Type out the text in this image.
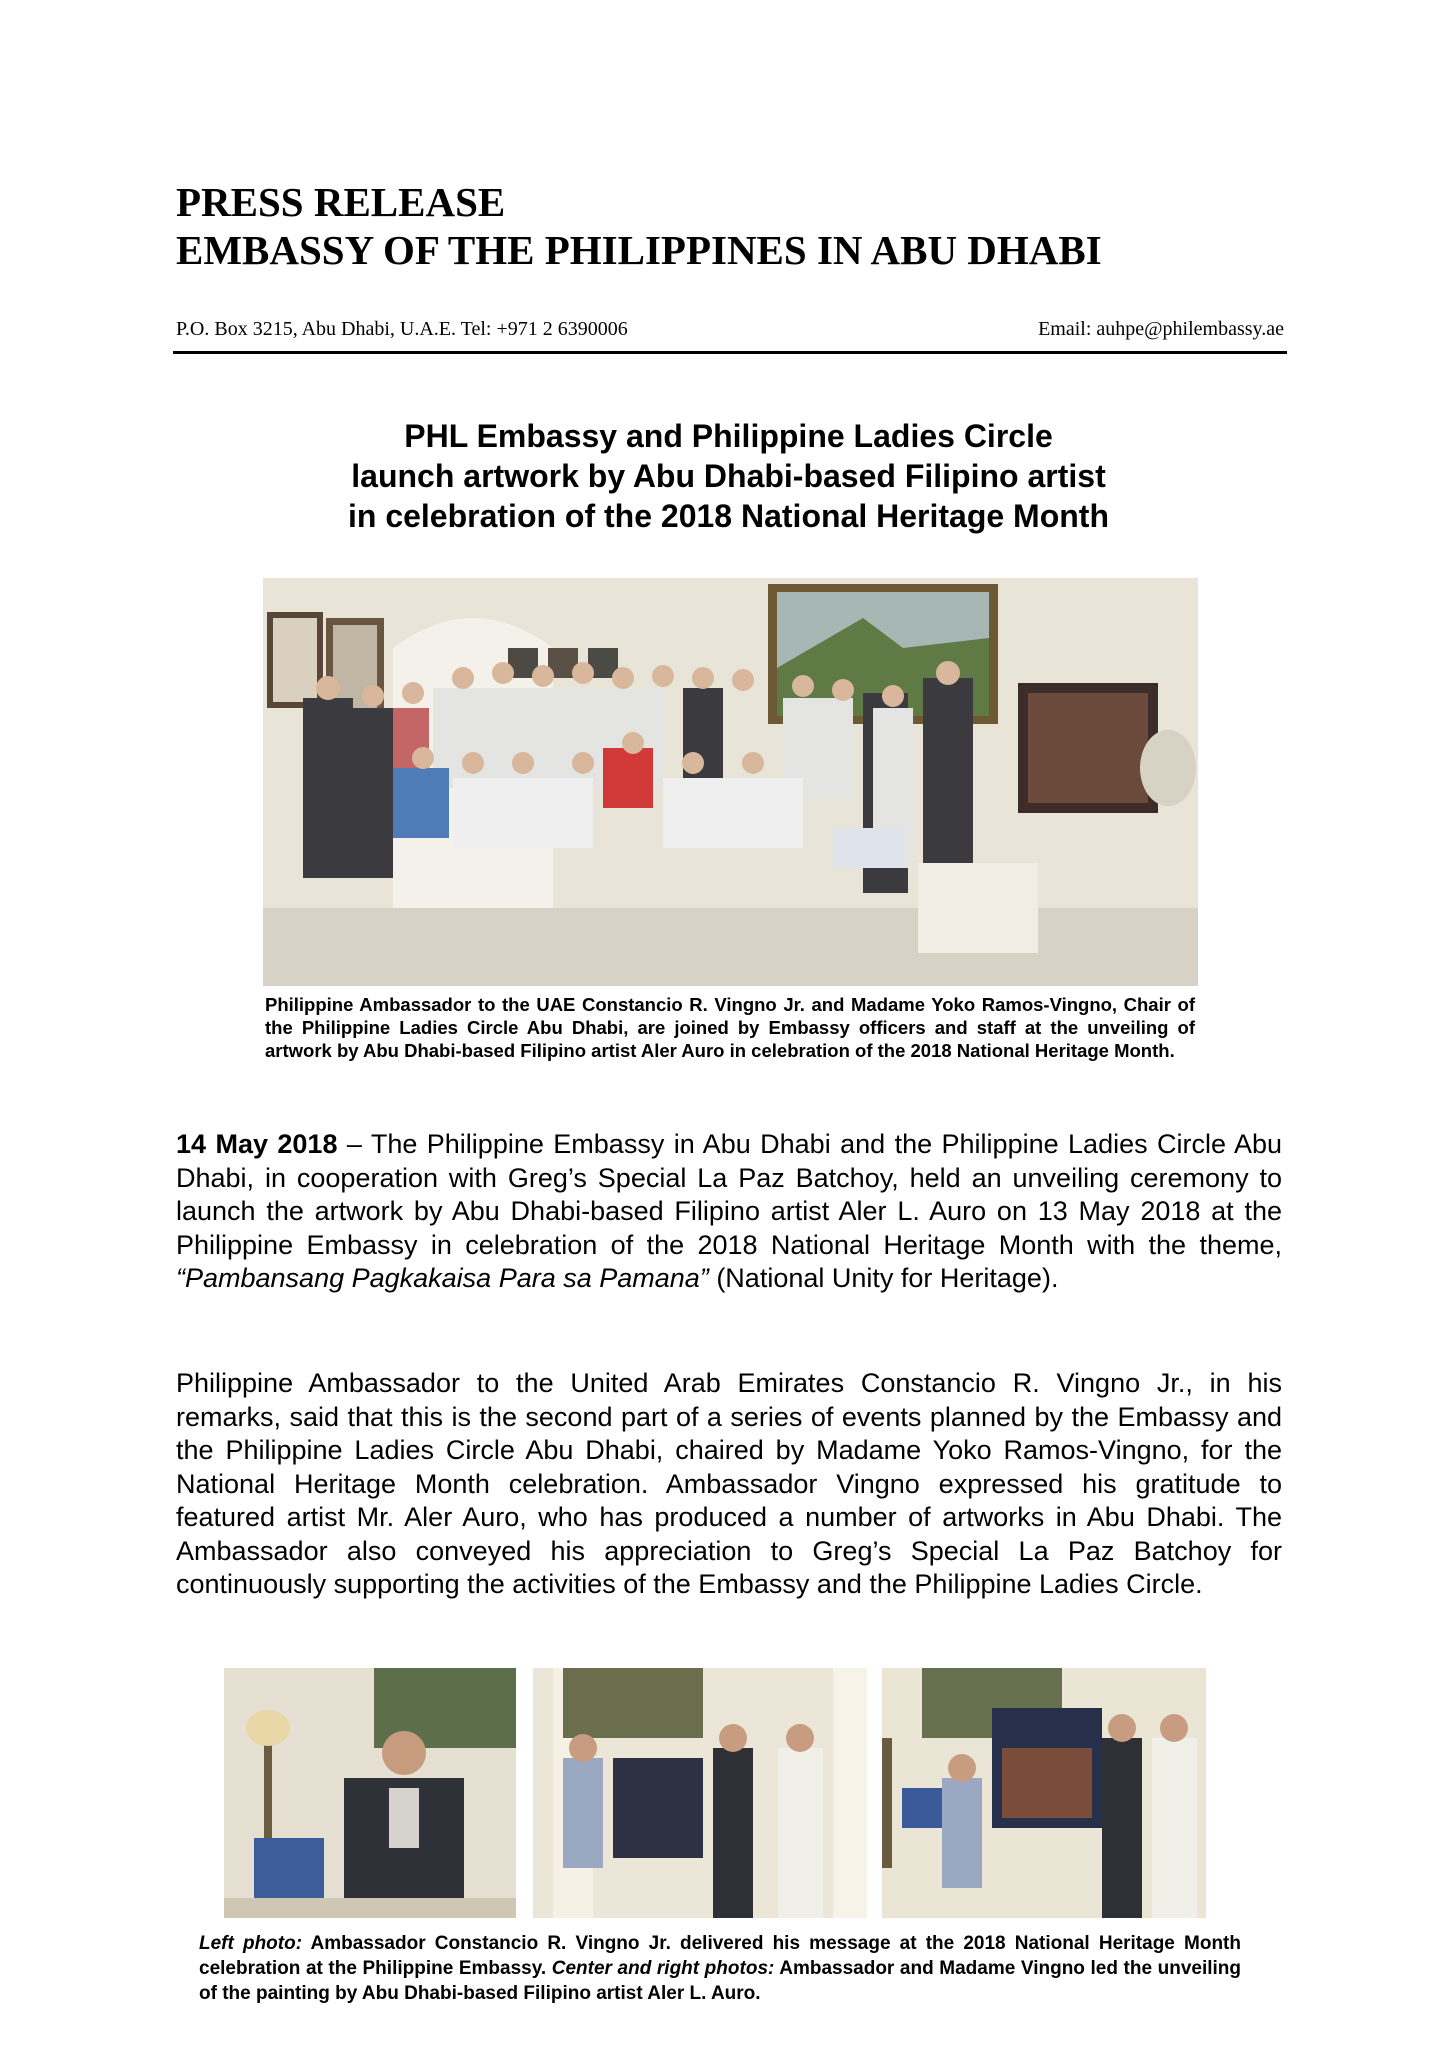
PRESS RELEASE
EMBASSY OF THE PHILIPPINES IN ABU DHABI
P.O. Box 3215, Abu Dhabi, U.A.E. Tel: +971 2 6390006	Email: auhpe@philembassy.ae
PHL Embassy and Philippine Ladies Circle
launch artwork by Abu Dhabi-based Filipino artist
in celebration of the 2018 National Heritage Month
Philippine Ambassador to the UAE Constancio R. Vingno Jr. and Madame Yoko Ramos-Vingno, Chair of the Philippine Ladies Circle Abu Dhabi, are joined by Embassy officers and staff at the unveiling of artwork by Abu Dhabi-based Filipino artist Aler Auro in celebration of the 2018 National Heritage Month.
14 May 2018 – The Philippine Embassy in Abu Dhabi and the Philippine Ladies Circle Abu Dhabi, in cooperation with Greg’s Special La Paz Batchoy, held an unveiling ceremony to launch the artwork by Abu Dhabi-based Filipino artist Aler L. Auro on 13 May 2018 at the Philippine Embassy in celebration of the 2018 National Heritage Month with the theme, “Pambansang Pagkakaisa Para sa Pamana” (National Unity for Heritage).
Philippine Ambassador to the United Arab Emirates Constancio R. Vingno Jr., in his remarks, said that this is the second part of a series of events planned by the Embassy and the Philippine Ladies Circle Abu Dhabi, chaired by Madame Yoko Ramos-Vingno, for the National Heritage Month celebration. Ambassador Vingno expressed his gratitude to featured artist Mr. Aler Auro, who has produced a number of artworks in Abu Dhabi. The Ambassador also conveyed his appreciation to Greg’s Special La Paz Batchoy for continuously supporting the activities of the Embassy and the Philippine Ladies Circle.
Left photo: Ambassador Constancio R. Vingno Jr. delivered his message at the 2018 National Heritage Month celebration at the Philippine Embassy. Center and right photos: Ambassador and Madame Vingno led the unveiling of the painting by Abu Dhabi-based Filipino artist Aler L. Auro.
